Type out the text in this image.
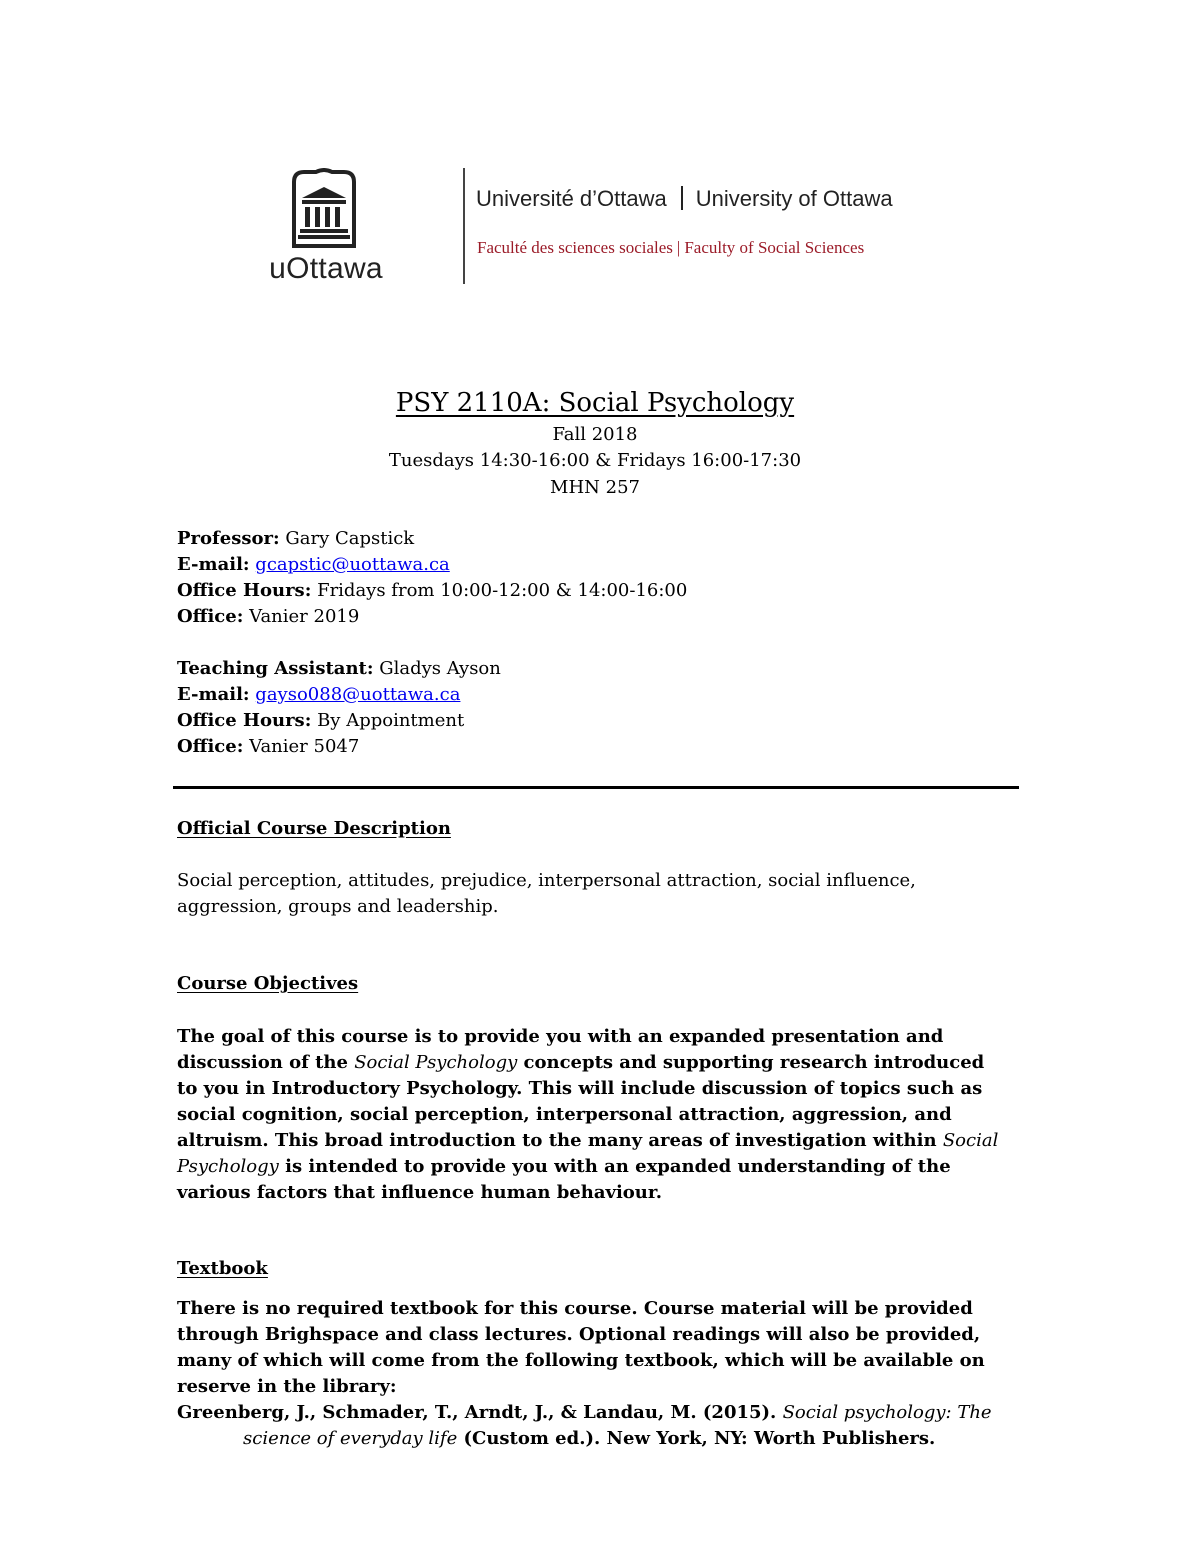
uOttawa
Université d’Ottawa University of Ottawa
Faculté des sciences sociales | Faculty of Social Sciences
PSY 2110A: Social Psychology
Fall 2018
Tuesdays 14:30-16:00 & Fridays 16:00-17:30
MHN 257
Professor: Gary Capstick
E-mail: gcapstic@uottawa.ca
Office Hours: Fridays from 10:00-12:00 & 14:00-16:00
Office: Vanier 2019
Teaching Assistant: Gladys Ayson
E-mail: gayso088@uottawa.ca
Office Hours: By Appointment
Office: Vanier 5047
Official Course Description
Social perception, attitudes, prejudice, interpersonal attraction, social influence, aggression, groups and leadership.
Course Objectives
The goal of this course is to provide you with an expanded presentation and discussion of the Social Psychology concepts and supporting research introduced to you in Introductory Psychology. This will include discussion of topics such as social cognition, social perception, interpersonal attraction, aggression, and altruism. This broad introduction to the many areas of investigation within Social Psychology is intended to provide you with an expanded understanding of the various factors that influence human behaviour.
Textbook
There is no required textbook for this course. Course material will be provided through Brighspace and class lectures. Optional readings will also be provided, many of which will come from the following textbook, which will be available on reserve in the library:
Greenberg, J., Schmader, T., Arndt, J., & Landau, M. (2015). Social psychology: The science of everyday life (Custom ed.). New York, NY: Worth Publishers.
